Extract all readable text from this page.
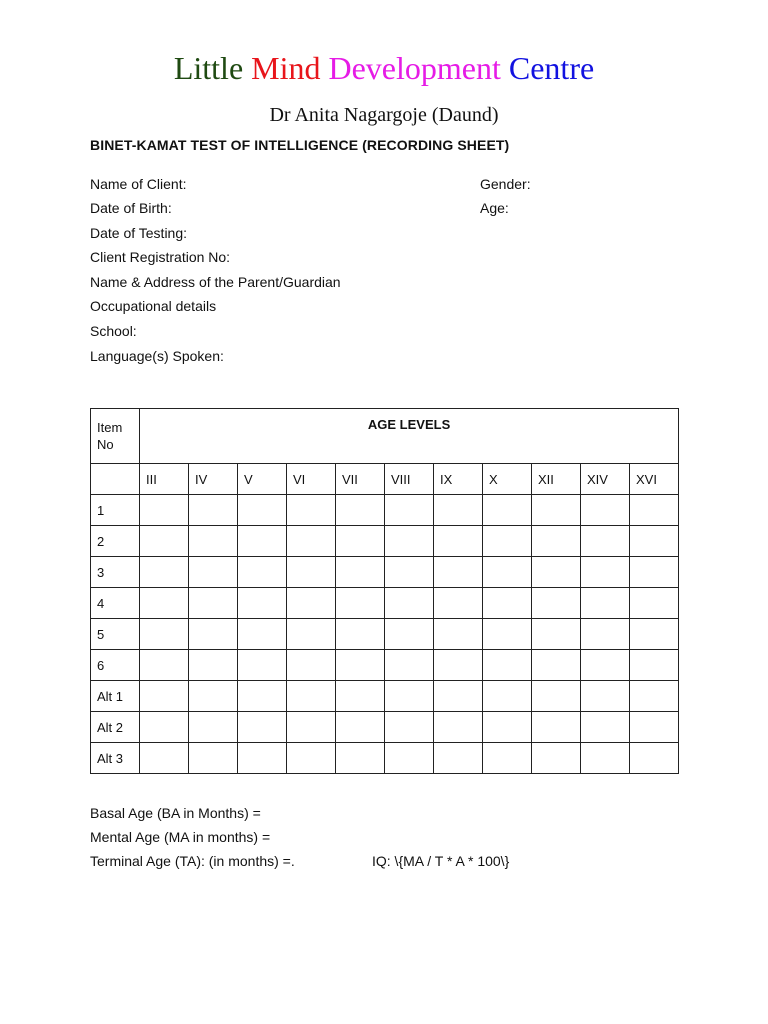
Little Mind Development Centre
Dr Anita Nagargoje (Daund)
BINET-KAMAT TEST OF INTELLIGENCE (RECORDING SHEET)
Name of Client:	Gender:
Date of Birth:	Age:
Date of Testing:
Client Registration No:
Name & Address of the Parent/Guardian
Occupational details
School:
Language(s) Spoken:
Item No	AGE LEVELS										
	III	IV	V	VI	VII	VIII	IX	X	XII	XIV	XVI
1											
2											
3											
4											
5											
6											
Alt 1											
Alt 2											
Alt 3											
Basal Age (BA in Months) =
Mental Age (MA in months) =
Terminal Age (TA): (in months) =.	IQ: \{MA / T * A * 100\}
